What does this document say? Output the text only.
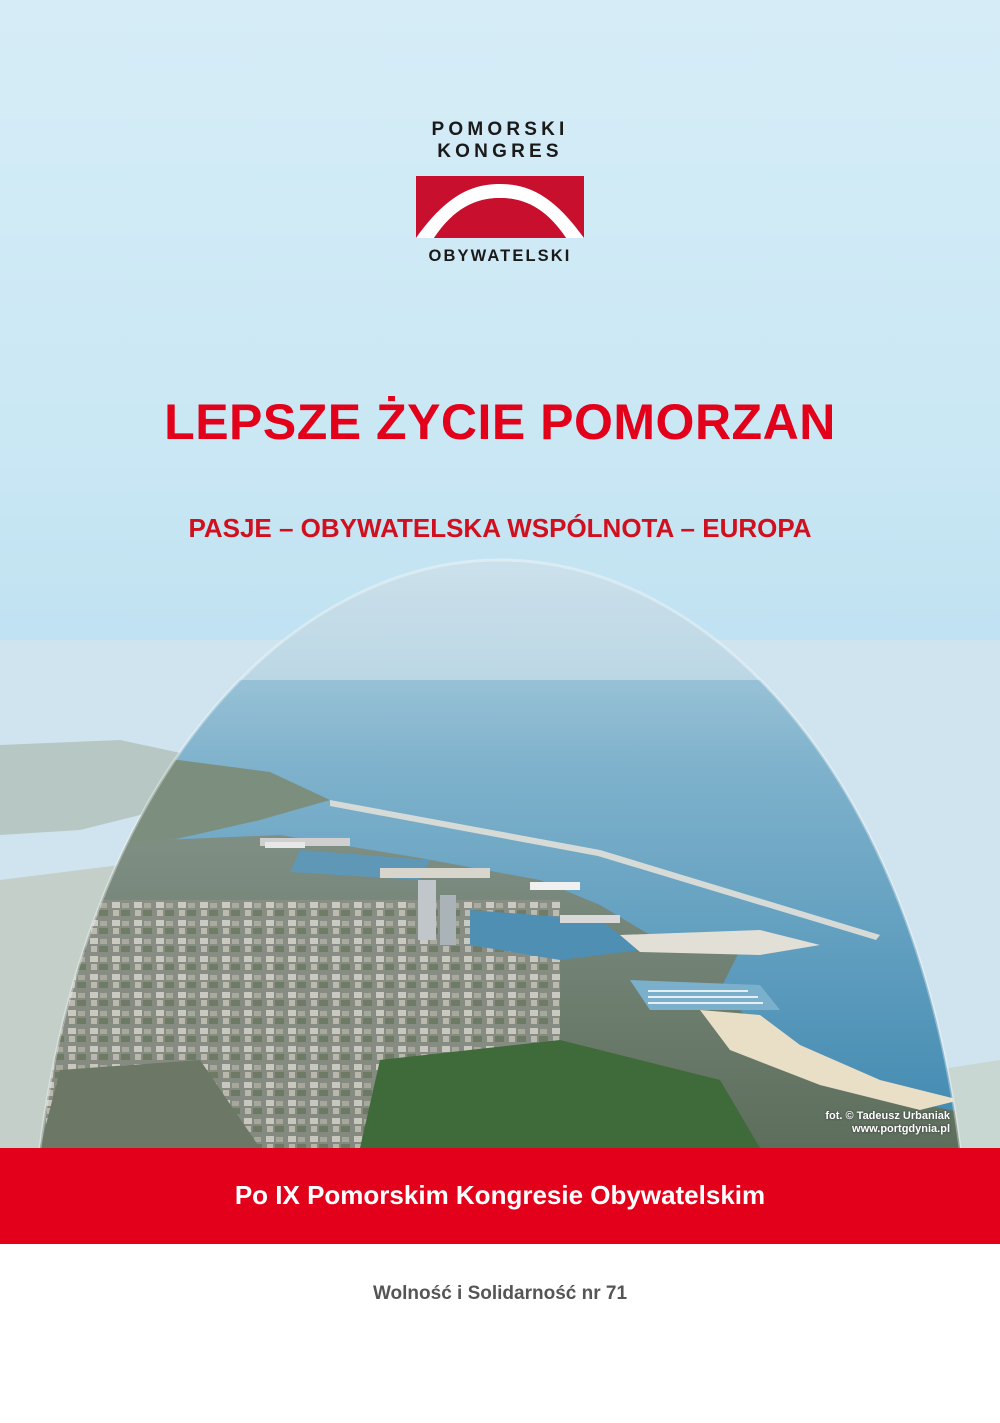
POMORSKI
KONGRES
OBYWATELSKI
LEPSZE ŻYCIE POMORZAN
PASJE – OBYWATELSKA WSPÓLNOTA – EUROPA
fot. © Tadeusz Urbaniak
www.portgdynia.pl
Po IX Pomorskim Kongresie Obywatelskim
Wolność i Solidarność nr 71
